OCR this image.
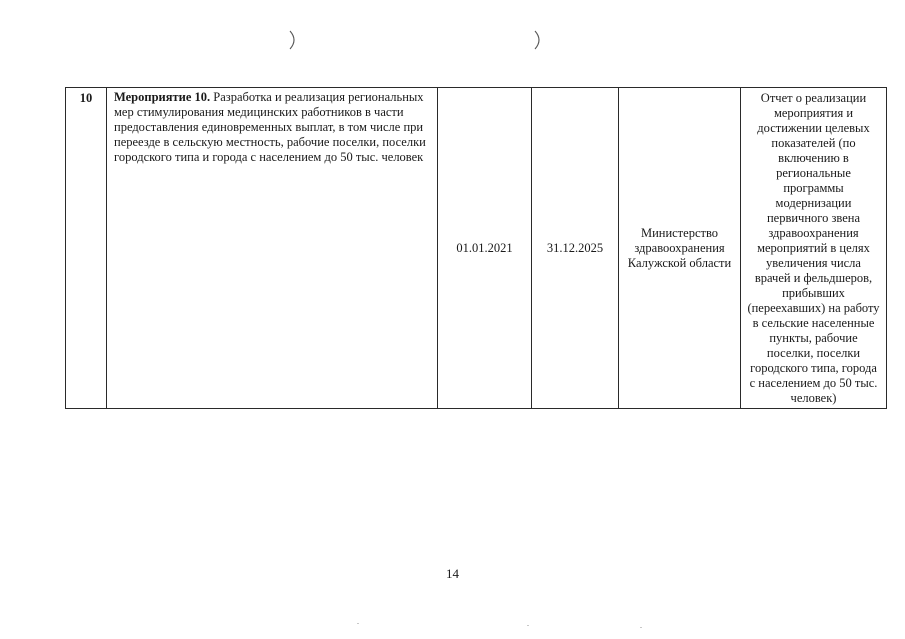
10	Мероприятие 10. Разработка и реализация региональных мер стимулирования медицинских работников в части предоставления единовременных выплат, в том числе при переезде в сельскую местность, рабочие поселки, поселки городского типа и города с населением до 50 тыс. человек	01.01.2021	31.12.2025	Министерство здравоохранения Калужской области	Отчет о реализации мероприятия и достижении целевых показателей (по включению в региональные программы модернизации первичного звена здравоохранения мероприятий в целях увеличения числа врачей и фельдшеров, прибывших (переехавших) на работу в сельские населенные пункты, рабочие поселки, поселки городского типа, города с населением до 50 тыс. человек)
14
